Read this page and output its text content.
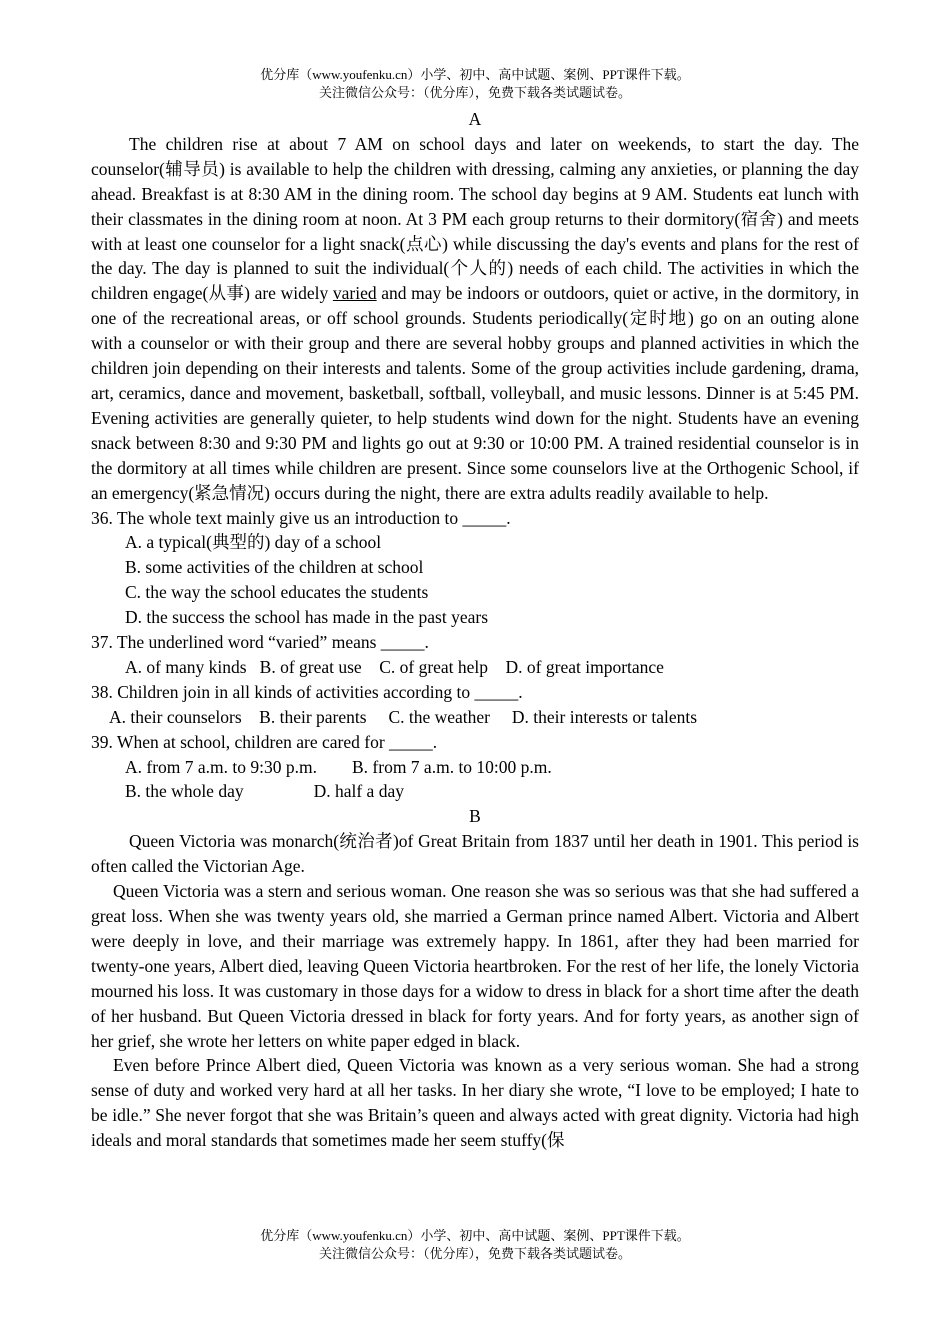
优分库（www.youfenku.cn）小学、初中、高中试题、案例、PPT课件下载。
关注微信公众号：（优分库），免费下载各类试题试卷。
A

The children rise at about 7 AM on school days and later on weekends, to start the day. The counselor(辅导员) is available to help the children with dressing, calming any anxieties, or planning the day ahead. Breakfast is at 8:30 AM in the dining room. The school day begins at 9 AM. Students eat lunch with their classmates in the dining room at noon. At 3 PM each group returns to their dormitory(宿舍) and meets with at least one counselor for a light snack(点心) while discussing the day's events and plans for the rest of the day. The day is planned to suit the individual(个人的) needs of each child. The activities in which the children engage(从事) are widely varied and may be indoors or outdoors, quiet or active, in the dormitory, in one of the recreational areas, or off school grounds. Students periodically(定时地) go on an outing alone with a counselor or with their group and there are several hobby groups and planned activities in which the children join depending on their interests and talents. Some of the group activities include gardening, drama, art, ceramics, dance and movement, basketball, softball, volleyball, and music lessons. Dinner is at 5:45 PM. Evening activities are generally quieter, to help students wind down for the night. Students have an evening snack between 8:30 and 9:30 PM and lights go out at 9:30 or 10:00 PM. A trained residential counselor is in the dormitory at all times while children are present. Since some counselors live at the Orthogenic School, if an emergency(紧急情况) occurs during the night, there are extra adults readily available to help.

36. The whole text mainly give us an introduction to _____.

A. a typical(典型的) day of a school

B. some activities of the children at school

C. the way the school educates the students

D. the success the school has made in the past years

37. The underlined word “varied” means _____.

A. of many kinds   B. of great use    C. of great help    D. of great importance

38. Children join in all kinds of activities according to _____.

A. their counselors    B. their parents     C. the weather     D. their interests or talents

39. When at school, children are cared for _____.

A. from 7 a.m. to 9:30 p.m.        B. from 7 a.m. to 10:00 p.m.

B. the whole day                D. half a day

B

Queen Victoria was monarch(统治者)of Great Britain from 1837 until her death in 1901. This period is often called the Victorian Age.

Queen Victoria was a stern and serious woman. One reason she was so serious was that she had suffered a great loss. When she was twenty years old, she married a German prince named Albert. Victoria and Albert were deeply in love, and their marriage was extremely happy. In 1861, after they had been married for twenty-one years, Albert died, leaving Queen Victoria heartbroken. For the rest of her life, the lonely Victoria mourned his loss. It was customary in those days for a widow to dress in black for a short time after the death of her husband. But Queen Victoria dressed in black for forty years. And for forty years, as another sign of her grief, she wrote her letters on white paper edged in black.

Even before Prince Albert died, Queen Victoria was known as a very serious woman. She had a strong sense of duty and worked very hard at all her tasks. In her diary she wrote, “I love to be employed; I hate to be idle.” She never forgot that she was Britain’s queen and always acted with great dignity. Victoria had high ideals and moral standards that sometimes made her seem stuffy(保

优分库（www.youfenku.cn）小学、初中、高中试题、案例、PPT课件下载。
关注微信公众号：（优分库），免费下载各类试题试卷。
